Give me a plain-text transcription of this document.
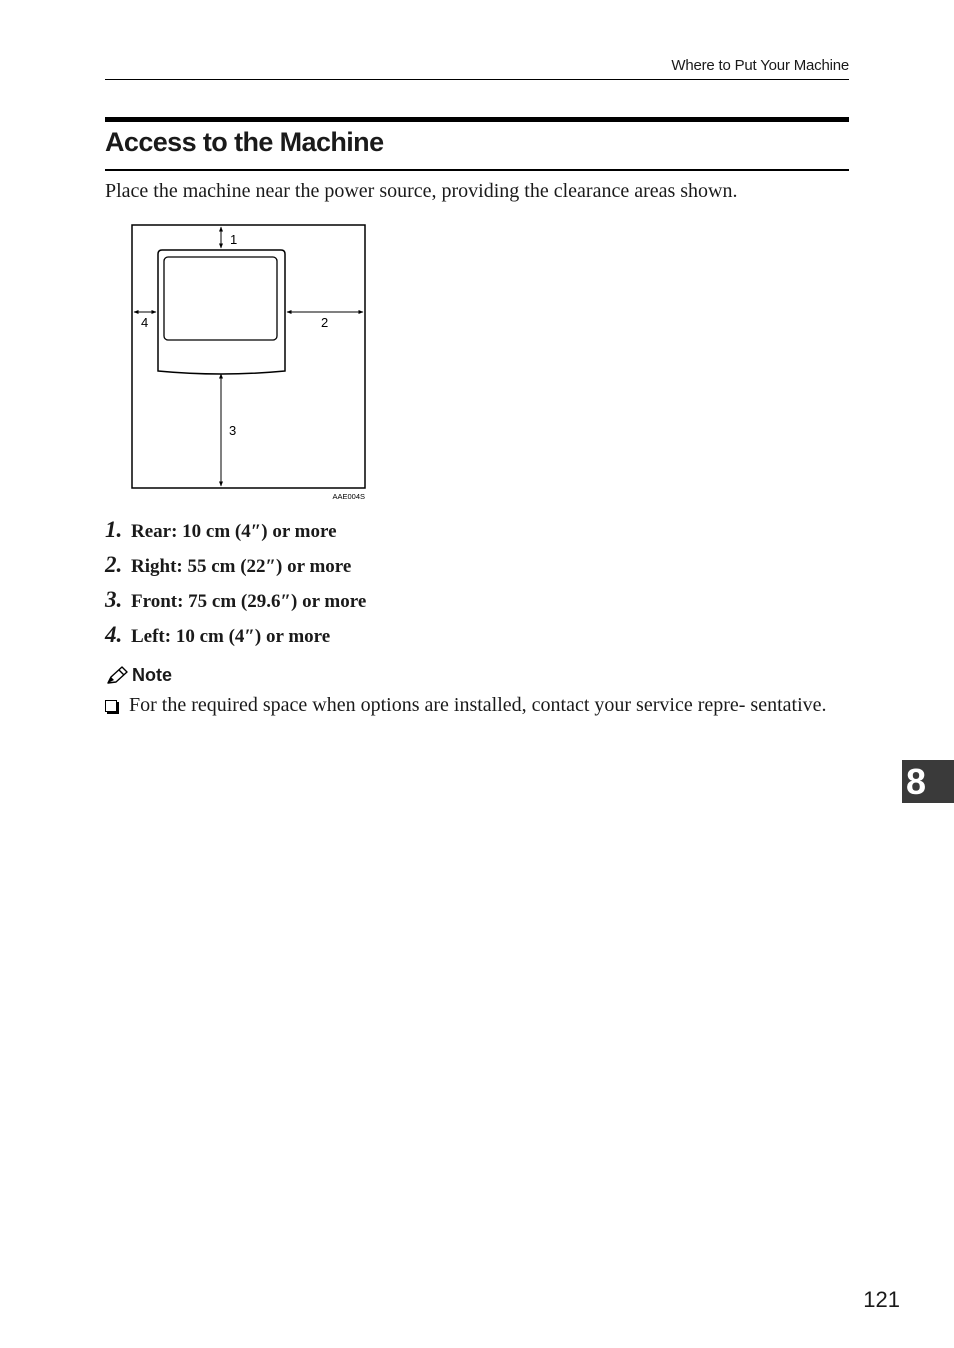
Where to Put Your Machine
Access to the Machine
Place the machine near the power source, providing the clearance areas shown.
1
2
3
4
AAE004S
1. Rear: 10 cm (4″) or more
2. Right: 55 cm (22″) or more
3. Front: 75 cm (29.6″) or more
4. Left: 10 cm (4″) or more
Note
For the required space when options are installed, contact your service repre- sentative.
8
121
